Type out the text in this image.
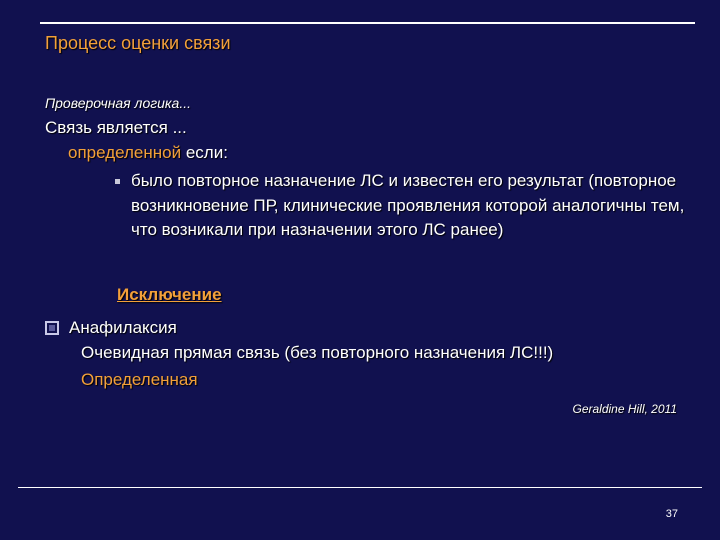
Процесс оценки связи
Проверочная логика...
Связь является ...
определенной если:
было повторное назначение ЛС и известен его результат (повторное возникновение ПР, клинические проявления которой аналогичны тем, что возникали при назначении этого ЛС ранее)
Исключение
Анафилаксия
Очевидная прямая связь (без повторного назначения ЛС!!!)
Определенная
Geraldine Hill, 2011
37
